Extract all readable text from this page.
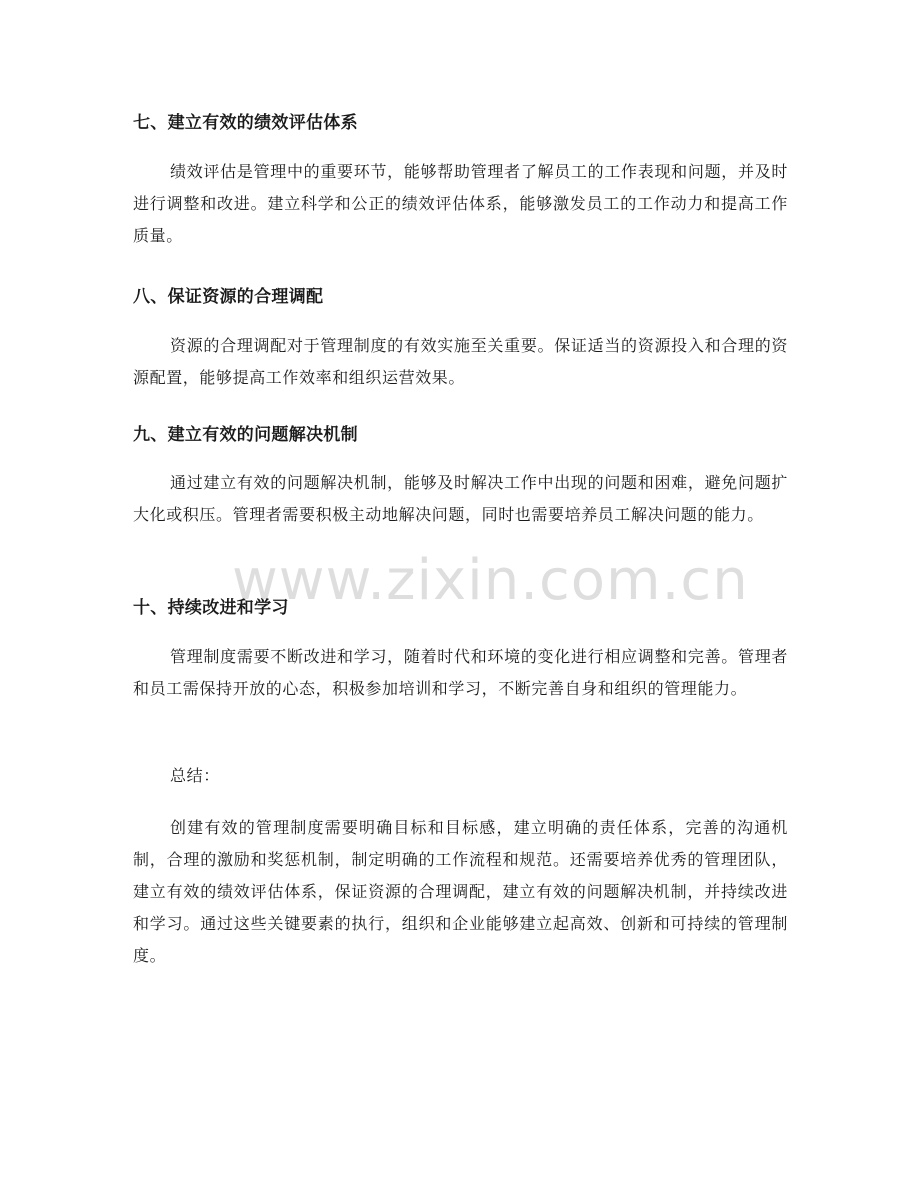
七、建立有效的绩效评估体系

绩效评估是管理中的重要环节，能够帮助管理者了解员工的工作表现和问题，并及时进行调整和改进。建立科学和公正的绩效评估体系，能够激发员工的工作动力和提高工作质量。

八、保证资源的合理调配

资源的合理调配对于管理制度的有效实施至关重要。保证适当的资源投入和合理的资源配置，能够提高工作效率和组织运营效果。

九、建立有效的问题解决机制

通过建立有效的问题解决机制，能够及时解决工作中出现的问题和困难，避免问题扩大化或积压。管理者需要积极主动地解决问题，同时也需要培养员工解决问题的能力。

十、持续改进和学习

管理制度需要不断改进和学习，随着时代和环境的变化进行相应调整和完善。管理者和员工需保持开放的心态，积极参加培训和学习，不断完善自身和组织的管理能力。

总结：

创建有效的管理制度需要明确目标和目标感，建立明确的责任体系，完善的沟通机制，合理的激励和奖惩机制，制定明确的工作流程和规范。还需要培养优秀的管理团队，建立有效的绩效评估体系，保证资源的合理调配，建立有效的问题解决机制，并持续改进和学习。通过这些关键要素的执行，组织和企业能够建立起高效、创新和可持续的管理制度。

www.zixin.com.cn
